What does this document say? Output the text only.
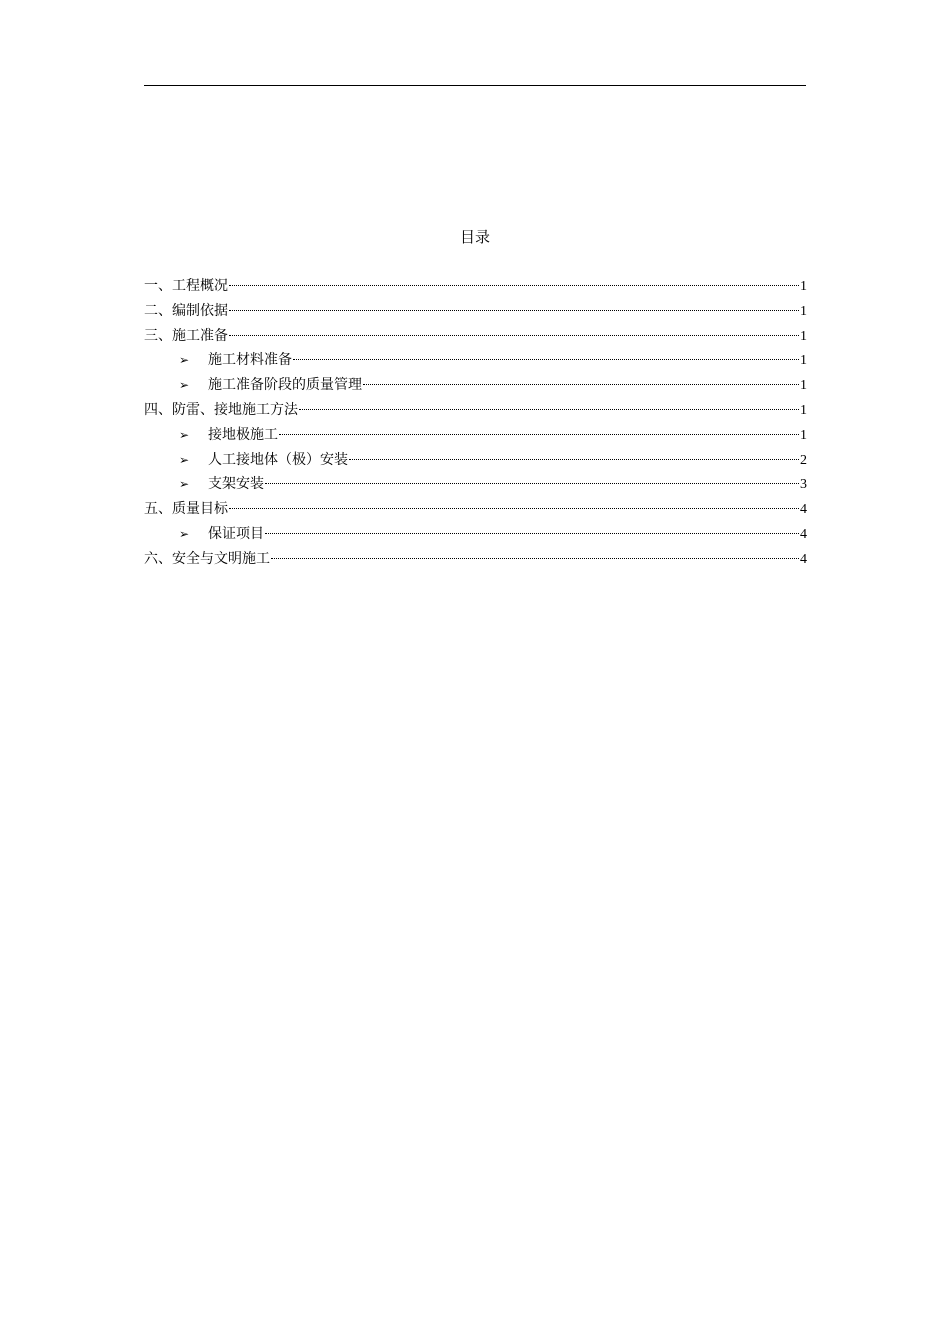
目录
一、工程概况	1
二、编制依据	1
三、施工准备	1
➢	施工材料准备	1
➢	施工准备阶段的质量管理	1
四、防雷、接地施工方法	1
➢	接地极施工	1
➢	人工接地体（极）安装	2
➢	支架安装	3
五、质量目标	4
➢	保证项目	4
六、安全与文明施工	4
